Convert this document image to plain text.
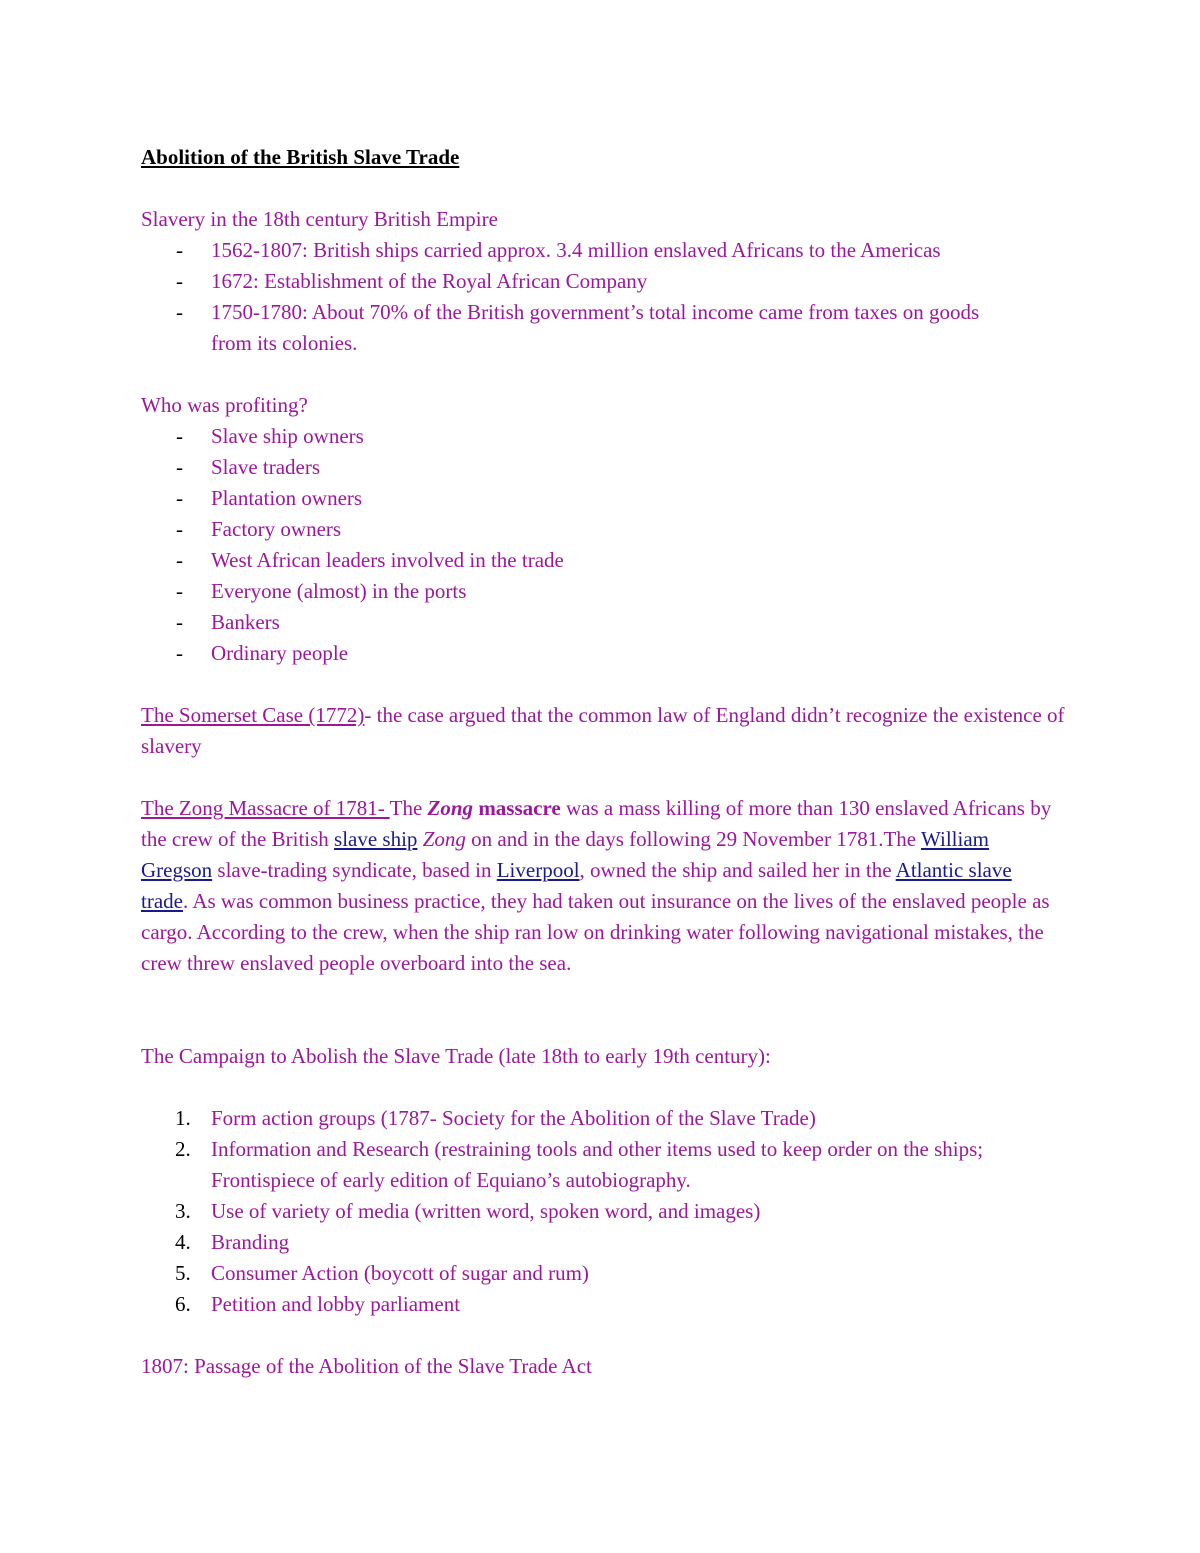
Abolition of the British Slave Trade
Slavery in the 18th century British Empire
- 1562-1807: British ships carried approx. 3.4 million enslaved Africans to the Americas
- 1672: Establishment of the Royal African Company
- 1750-1780: About 70% of the British government’s total income came from taxes on goods from its colonies.
Who was profiting?
- Slave ship owners
- Slave traders
- Plantation owners
- Factory owners
- West African leaders involved in the trade
- Everyone (almost) in the ports
- Bankers
- Ordinary people
The Somerset Case (1772)- the case argued that the common law of England didn’t recognize the existence of slavery
The Zong Massacre of 1781- The Zong massacre was a mass killing of more than 130 enslaved Africans by the crew of the British slave ship Zong on and in the days following 29 November 1781.The William Gregson slave-trading syndicate, based in Liverpool, owned the ship and sailed her in the Atlantic slave trade. As was common business practice, they had taken out insurance on the lives of the enslaved people as cargo. According to the crew, when the ship ran low on drinking water following navigational mistakes, the crew threw enslaved people overboard into the sea.
The Campaign to Abolish the Slave Trade (late 18th to early 19th century):
1. Form action groups (1787- Society for the Abolition of the Slave Trade)
2. Information and Research (restraining tools and other items used to keep order on the ships; Frontispiece of early edition of Equiano’s autobiography.
3. Use of variety of media (written word, spoken word, and images)
4. Branding
5. Consumer Action (boycott of sugar and rum)
6. Petition and lobby parliament
1807: Passage of the Abolition of the Slave Trade Act
